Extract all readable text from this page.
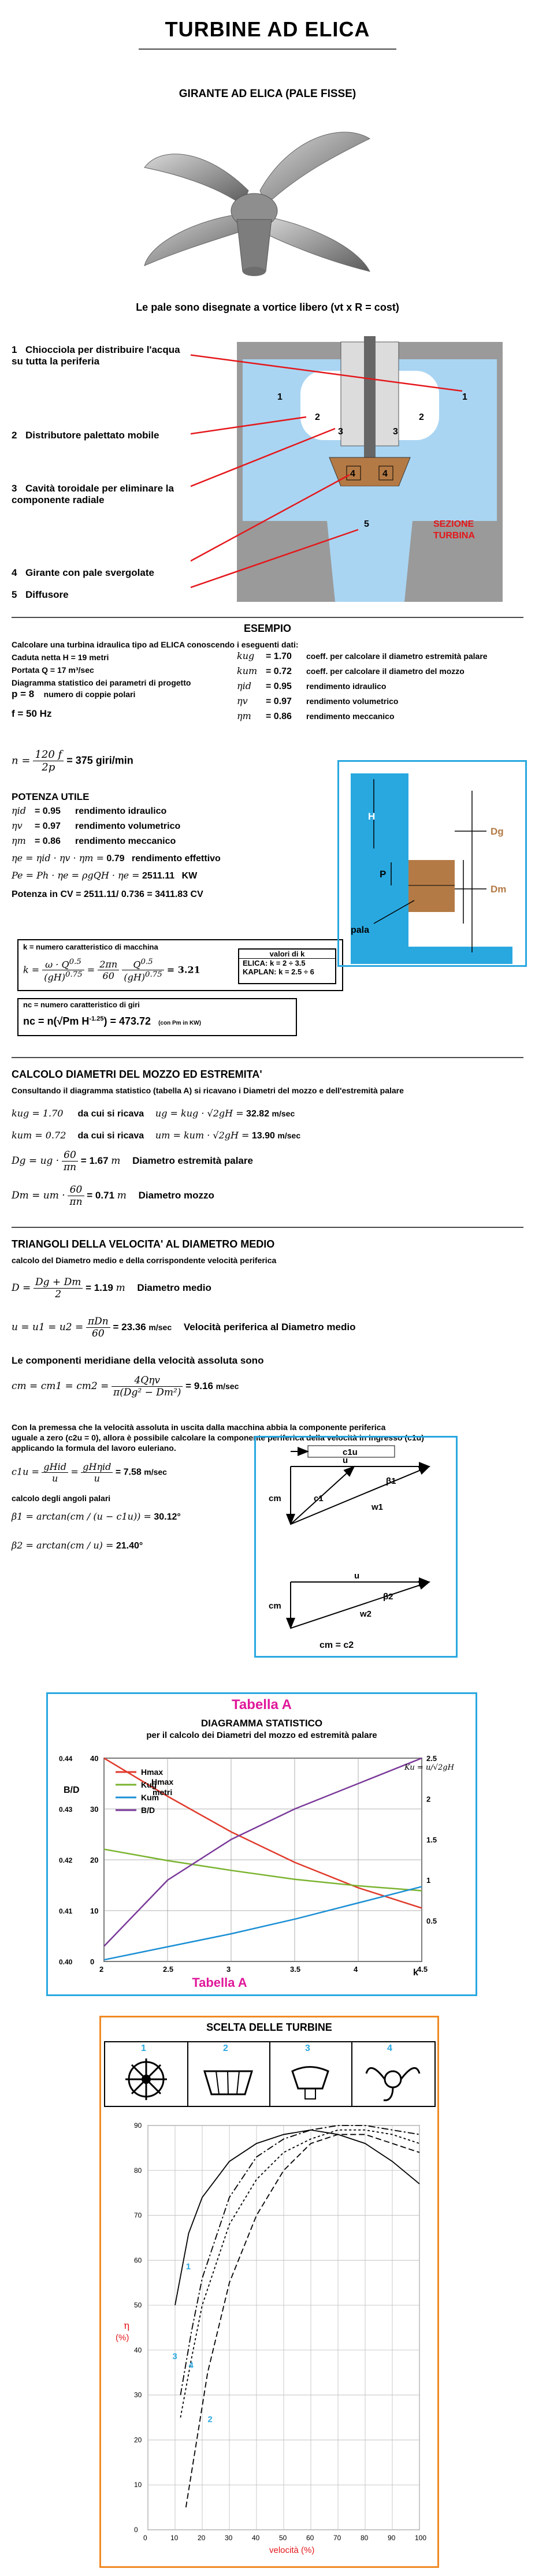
TURBINE AD ELICA
GIRANTE AD ELICA (PALE FISSE)
Le pale sono disegnate a vortice libero (vt x R = cost)
1 Chiocciola per distribuire l'acqua su tutta la periferia
2 Distributore palettato mobile
3 Cavità toroidale per eliminare la componente radiale
4 Girante con pale svergolate
5 Diffusore
4	4
5
1	1
2	2
3	3
SEZIONE
TURBINA
ESEMPIO
Calcolare una turbina idraulica tipo ad ELICA conoscendo i eseguenti dati:
Caduta netta H = 19 metri
Portata Q = 17 m³/sec
Diagramma statistico dei parametri di progetto
p = 8 numero di coppie polari
f = 50 Hz
kug = 1.70 coeff. per calcolare il diametro estremità palare
kum = 0.72 coeff. per calcolare il diametro del mozzo
ηid = 0.95 rendimento idraulico
ηv = 0.97 rendimento volumetrico
ηm = 0.86 rendimento meccanico
$n = \frac{120 f}{2p} = 375$ giri/min
POTENZA UTILE
ηid = 0.95 rendimento idraulico
ηv = 0.97 rendimento volumetrico
ηm = 0.86 rendimento meccanico
ηe = ηid · ηv · ηm = 0.79 rendimento effettivo
Pe = Ph · ηe = ρgQH · ηe = 2511.11 KW
Potenza in CV = 2511.11/ 0.736 = 3411.83 CV
k = numero caratteristico di macchina
$k = \frac{\omega \cdot Q^{0.5}}{(gH)^{0.75}} = \frac{2\pi n}{60}$
$\frac{Q^{0.5}}{(gH)^{0.75}} = 3.21$
valori di k
ELICA: k = 2 ÷ 3.5
KAPLAN: k = 2.5 ÷ 6
nc = numero caratteristico di giri
nc = n(√Pm $H^{-1.25}) = 473.72$ (con Pm in KW)
H
P
Dg
Dm
pala
CALCOLO DIAMETRI DEL MOZZO ED ESTREMITA'
Consultando il diagramma statistico (tabella A) si ricavano i Diametri del mozzo e dell'estremità palare
kug = 1.70 da cui si ricava ug = kug · √2gH = 32.82 m/sec
kum = 0.72 da cui si ricava um = kum · √2gH = 13.90 m/sec
Dg = ug · $\frac{60}{\pi n} = 1.67$ m Diametro estremità palare
Dm = um · $\frac{60}{\pi n} = 0.71$ m Diametro mozzo
TRIANGOLI DELLA VELOCITA' AL DIAMETRO MEDIO
calcolo del Diametro medio e della corrispondente velocità periferica
$D = \frac{Dg + Dm}{2} = 1.19$ m Diametro medio
$u = u1 = u2 = \frac{\text{πDn}}{60} = 23.36$ m/sec Velocità periferica al Diametro medio
Le componenti meridiane della velocità assoluta sono
cm = $cm1 = cm2 = \frac{\text{4Qηv}}{\text{π(Dg² − Dm²)}} = 9.16$ m/sec
Con la premessa che la velocità assoluta in uscita dalla macchina abbia la componente periferica
uguale a zero (c2u = 0), allora è possibile calcolare la componente periferica della velocità in ingresso (c1u)
applicando la formula del lavoro euleriano.
$c1u = \frac{\text{gHid}}{u} = \frac{\text{gHηid}}{u} = 7.58$ m/sec
calcolo degli angoli palari
β1 = arctan(cm / (u − c1u)) = 30.12°
β2 = arctan(cm / u) = 21.40°
c1u
u
β1
cm	c1
w1
u
β2
cm
w2
cm = c2
Tabella A
DIAGRAMMA STATISTICO
per il calcolo dei Diametri del mozzo ed estremità palare
2	2.5	3	3.5	4	4.5
0
10
20
30
40
0.40
0.41
0.42
0.43
0.44
0.5
1
1.5
2
2.5
Hmax
Kug
Kum
B/D
B/D
Hmax
metri
Ku = u/√2gH
k
Tabella A
SCELTA DELLE TURBINE
1	2	3	4
0	10	20	30	40	50	60	70	80	90	100
0
10
20
30
40
50
60
70
80
90
1
2
3
4
η
(%)
velocità (%)
